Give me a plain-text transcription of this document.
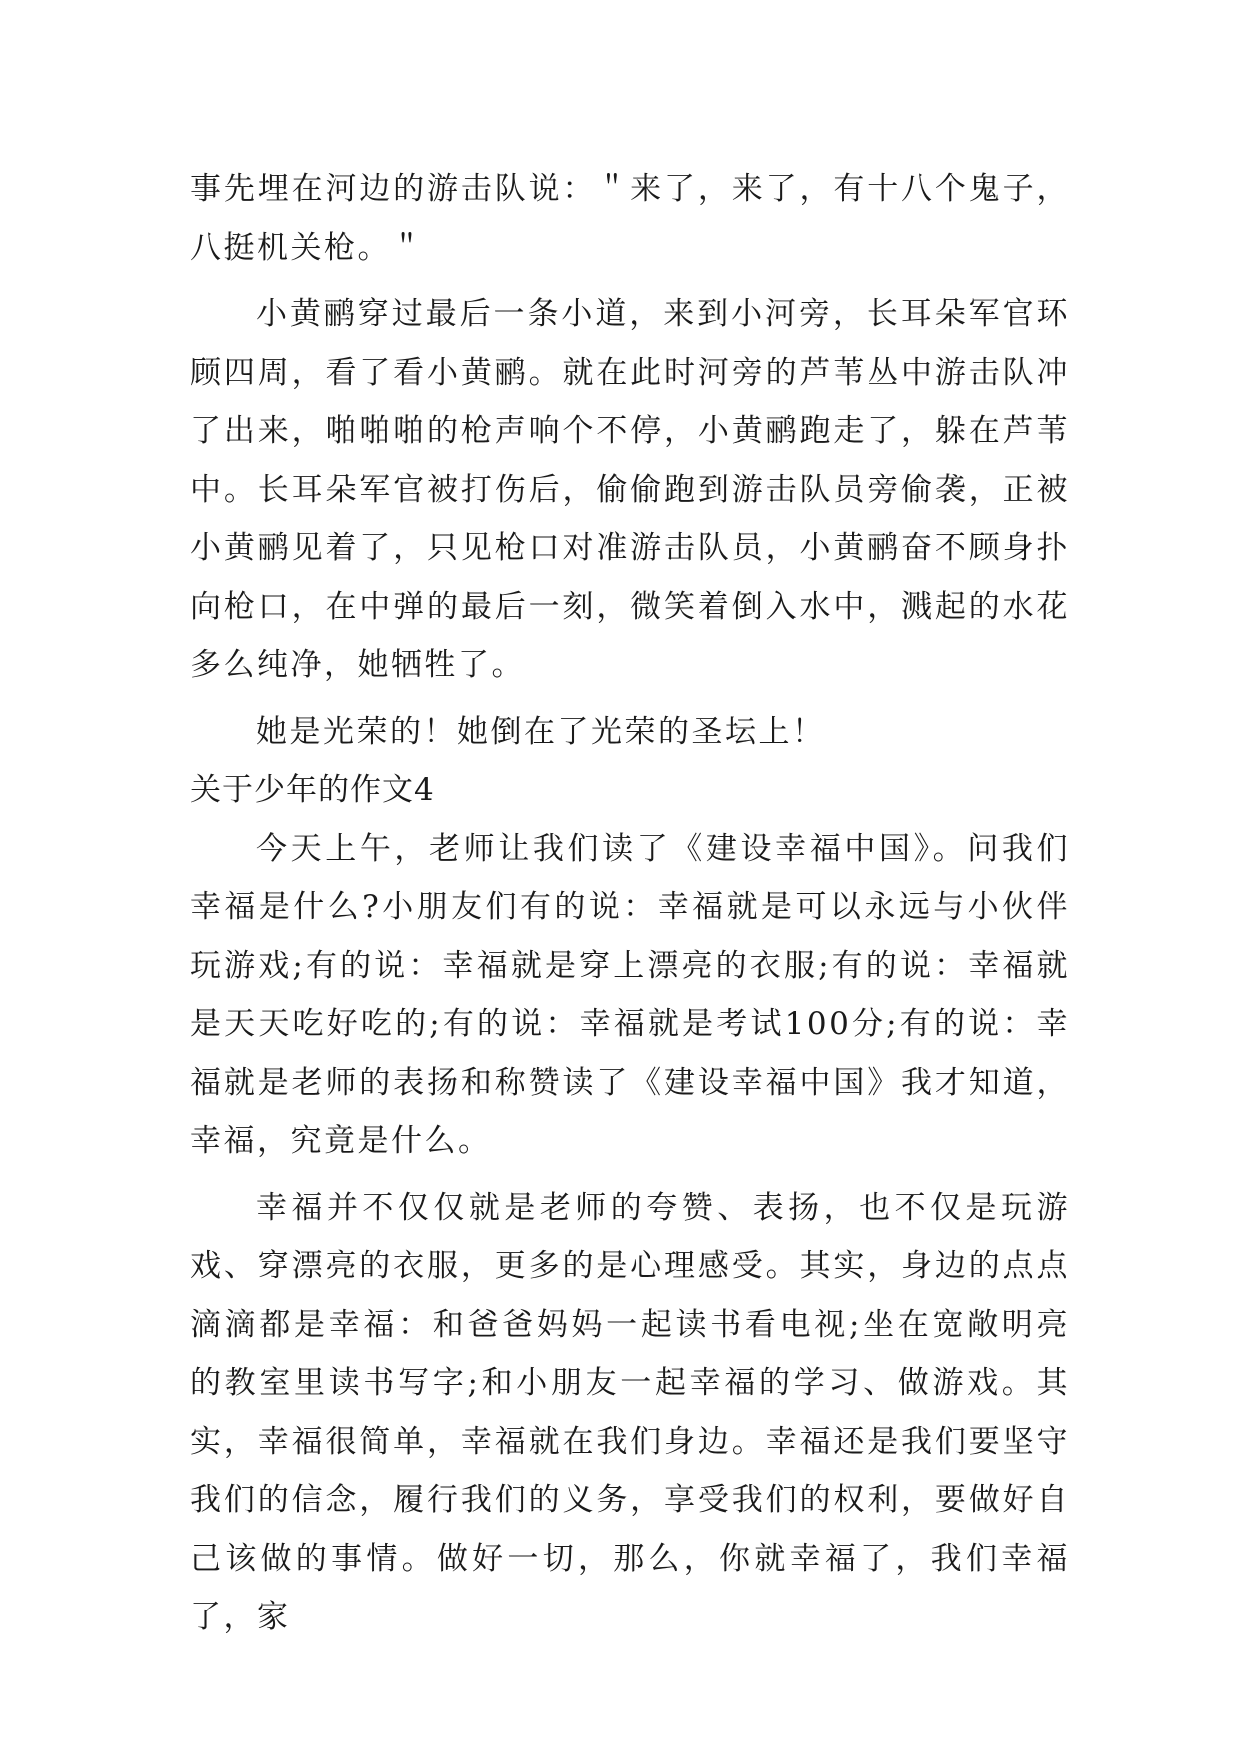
事先埋在河边的游击队说：＂来了，来了，有十八个鬼子，八挺机关枪。＂

小黄鹂穿过最后一条小道，来到小河旁，长耳朵军官环顾四周，看了看小黄鹂。就在此时河旁的芦苇丛中游击队冲了出来，啪啪啪的枪声响个不停，小黄鹂跑走了，躲在芦苇中。长耳朵军官被打伤后，偷偷跑到游击队员旁偷袭，正被小黄鹂见着了，只见枪口对准游击队员，小黄鹂奋不顾身扑向枪口，在中弹的最后一刻，微笑着倒入水中，溅起的水花多么纯净，她牺牲了。

她是光荣的！她倒在了光荣的圣坛上！

关于少年的作文4

今天上午，老师让我们读了《建设幸福中国》。问我们幸福是什么?小朋友们有的说：幸福就是可以永远与小伙伴玩游戏;有的说：幸福就是穿上漂亮的衣服;有的说：幸福就是天天吃好吃的;有的说：幸福就是考试100分;有的说：幸福就是老师的表扬和称赞读了《建设幸福中国》我才知道，幸福，究竟是什么。

幸福并不仅仅就是老师的夸赞、表扬，也不仅是玩游戏、穿漂亮的衣服，更多的是心理感受。其实，身边的点点滴滴都是幸福：和爸爸妈妈一起读书看电视;坐在宽敞明亮的教室里读书写字;和小朋友一起幸福的学习、做游戏。其实，幸福很简单，幸福就在我们身边。幸福还是我们要坚守我们的信念，履行我们的义务，享受我们的权利，要做好自己该做的事情。做好一切，那么，你就幸福了，我们幸福了，家
